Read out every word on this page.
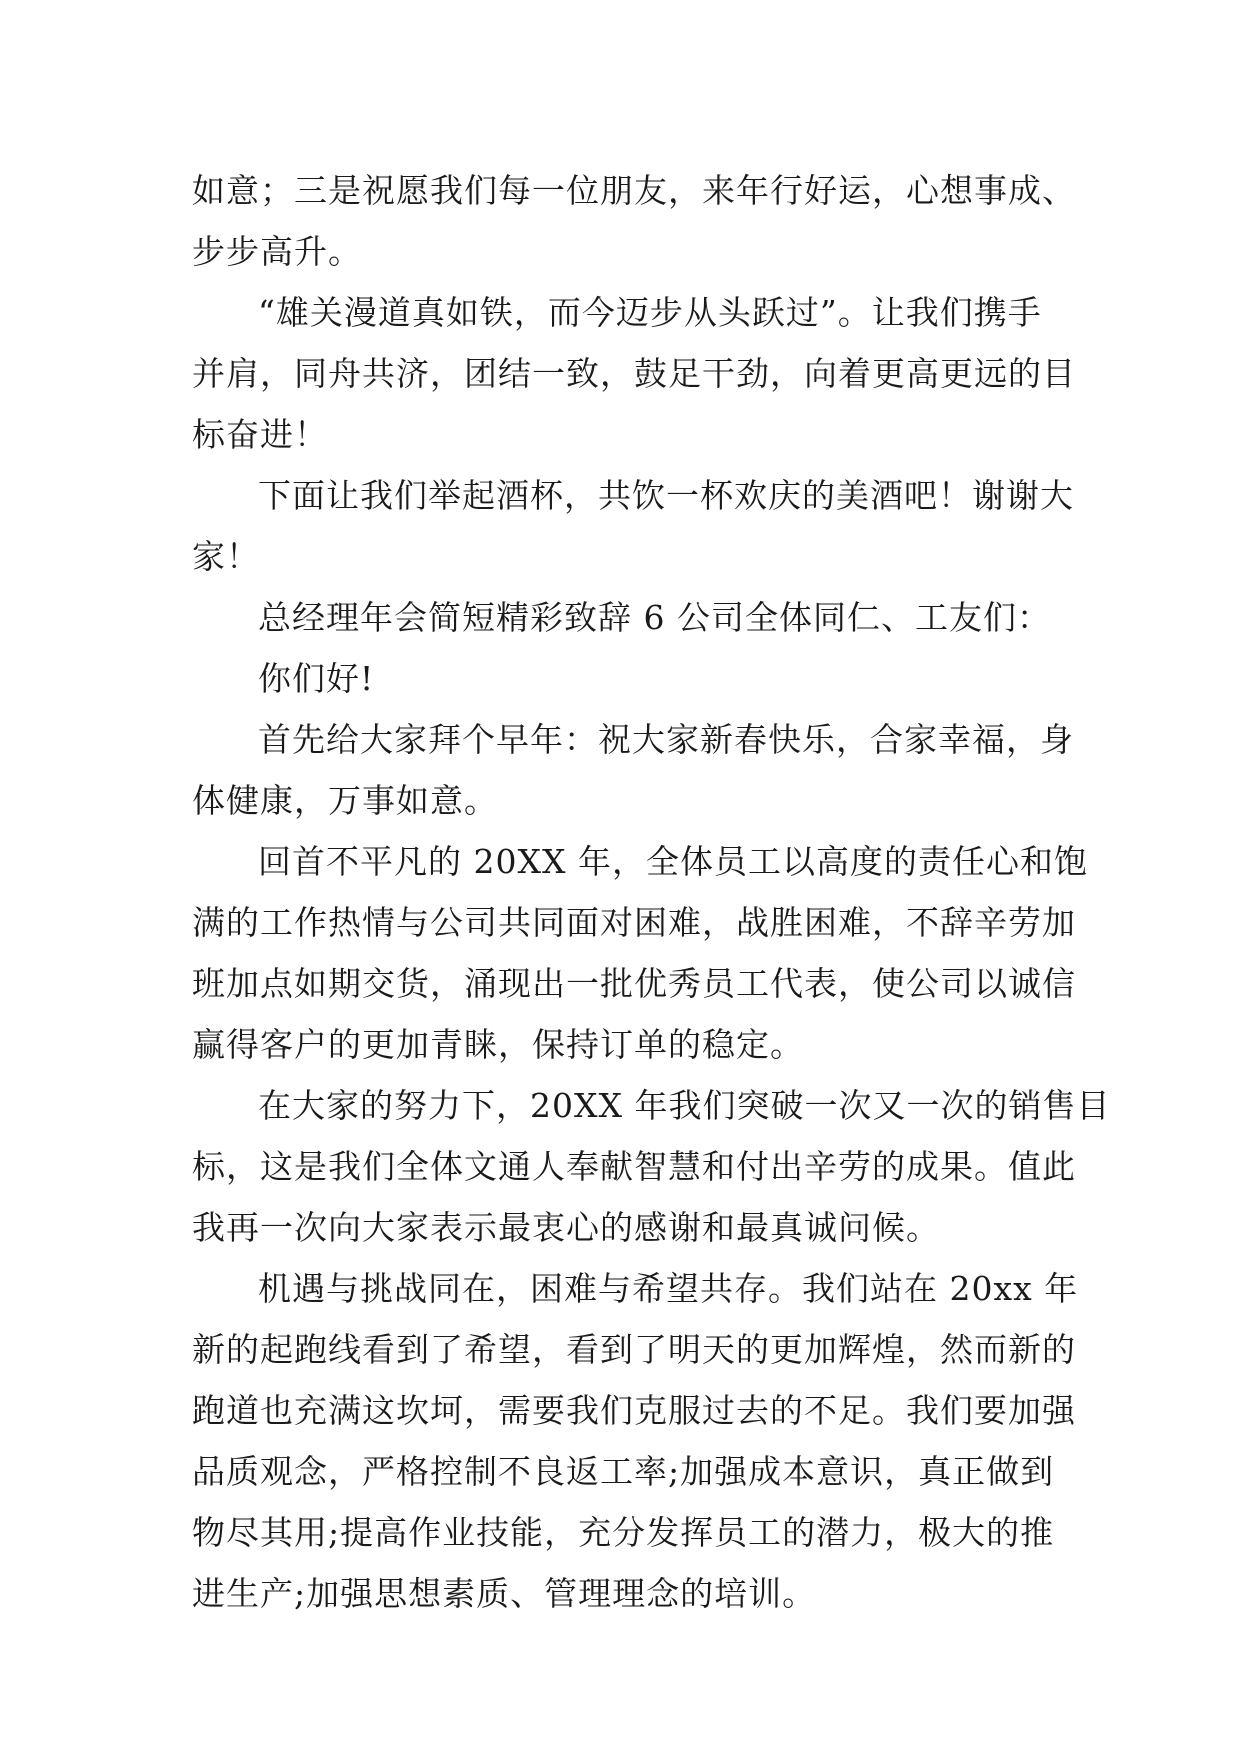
如意；三是祝愿我们每一位朋友，来年行好运，心想事成、
步步高升。
“雄关漫道真如铁，而今迈步从头跃过”。让我们携手
并肩，同舟共济，团结一致，鼓足干劲，向着更高更远的目
标奋进！
下面让我们举起酒杯，共饮一杯欢庆的美酒吧！谢谢大
家！
总经理年会简短精彩致辞 6 公司全体同仁、工友们：
你们好!
首先给大家拜个早年：祝大家新春快乐，合家幸福，身
体健康，万事如意。
回首不平凡的 20XX 年，全体员工以高度的责任心和饱
满的工作热情与公司共同面对困难，战胜困难，不辞辛劳加
班加点如期交货，涌现出一批优秀员工代表，使公司以诚信
赢得客户的更加青睐，保持订单的稳定。
在大家的努力下，20XX 年我们突破一次又一次的销售目
标，这是我们全体文通人奉献智慧和付出辛劳的成果。值此
我再一次向大家表示最衷心的感谢和最真诚问候。
机遇与挑战同在，困难与希望共存。我们站在 20xx 年
新的起跑线看到了希望，看到了明天的更加辉煌，然而新的
跑道也充满这坎坷，需要我们克服过去的不足。我们要加强
品质观念，严格控制不良返工率;加强成本意识，真正做到
物尽其用;提高作业技能，充分发挥员工的潜力，极大的推
进生产;加强思想素质、管理理念的培训。
